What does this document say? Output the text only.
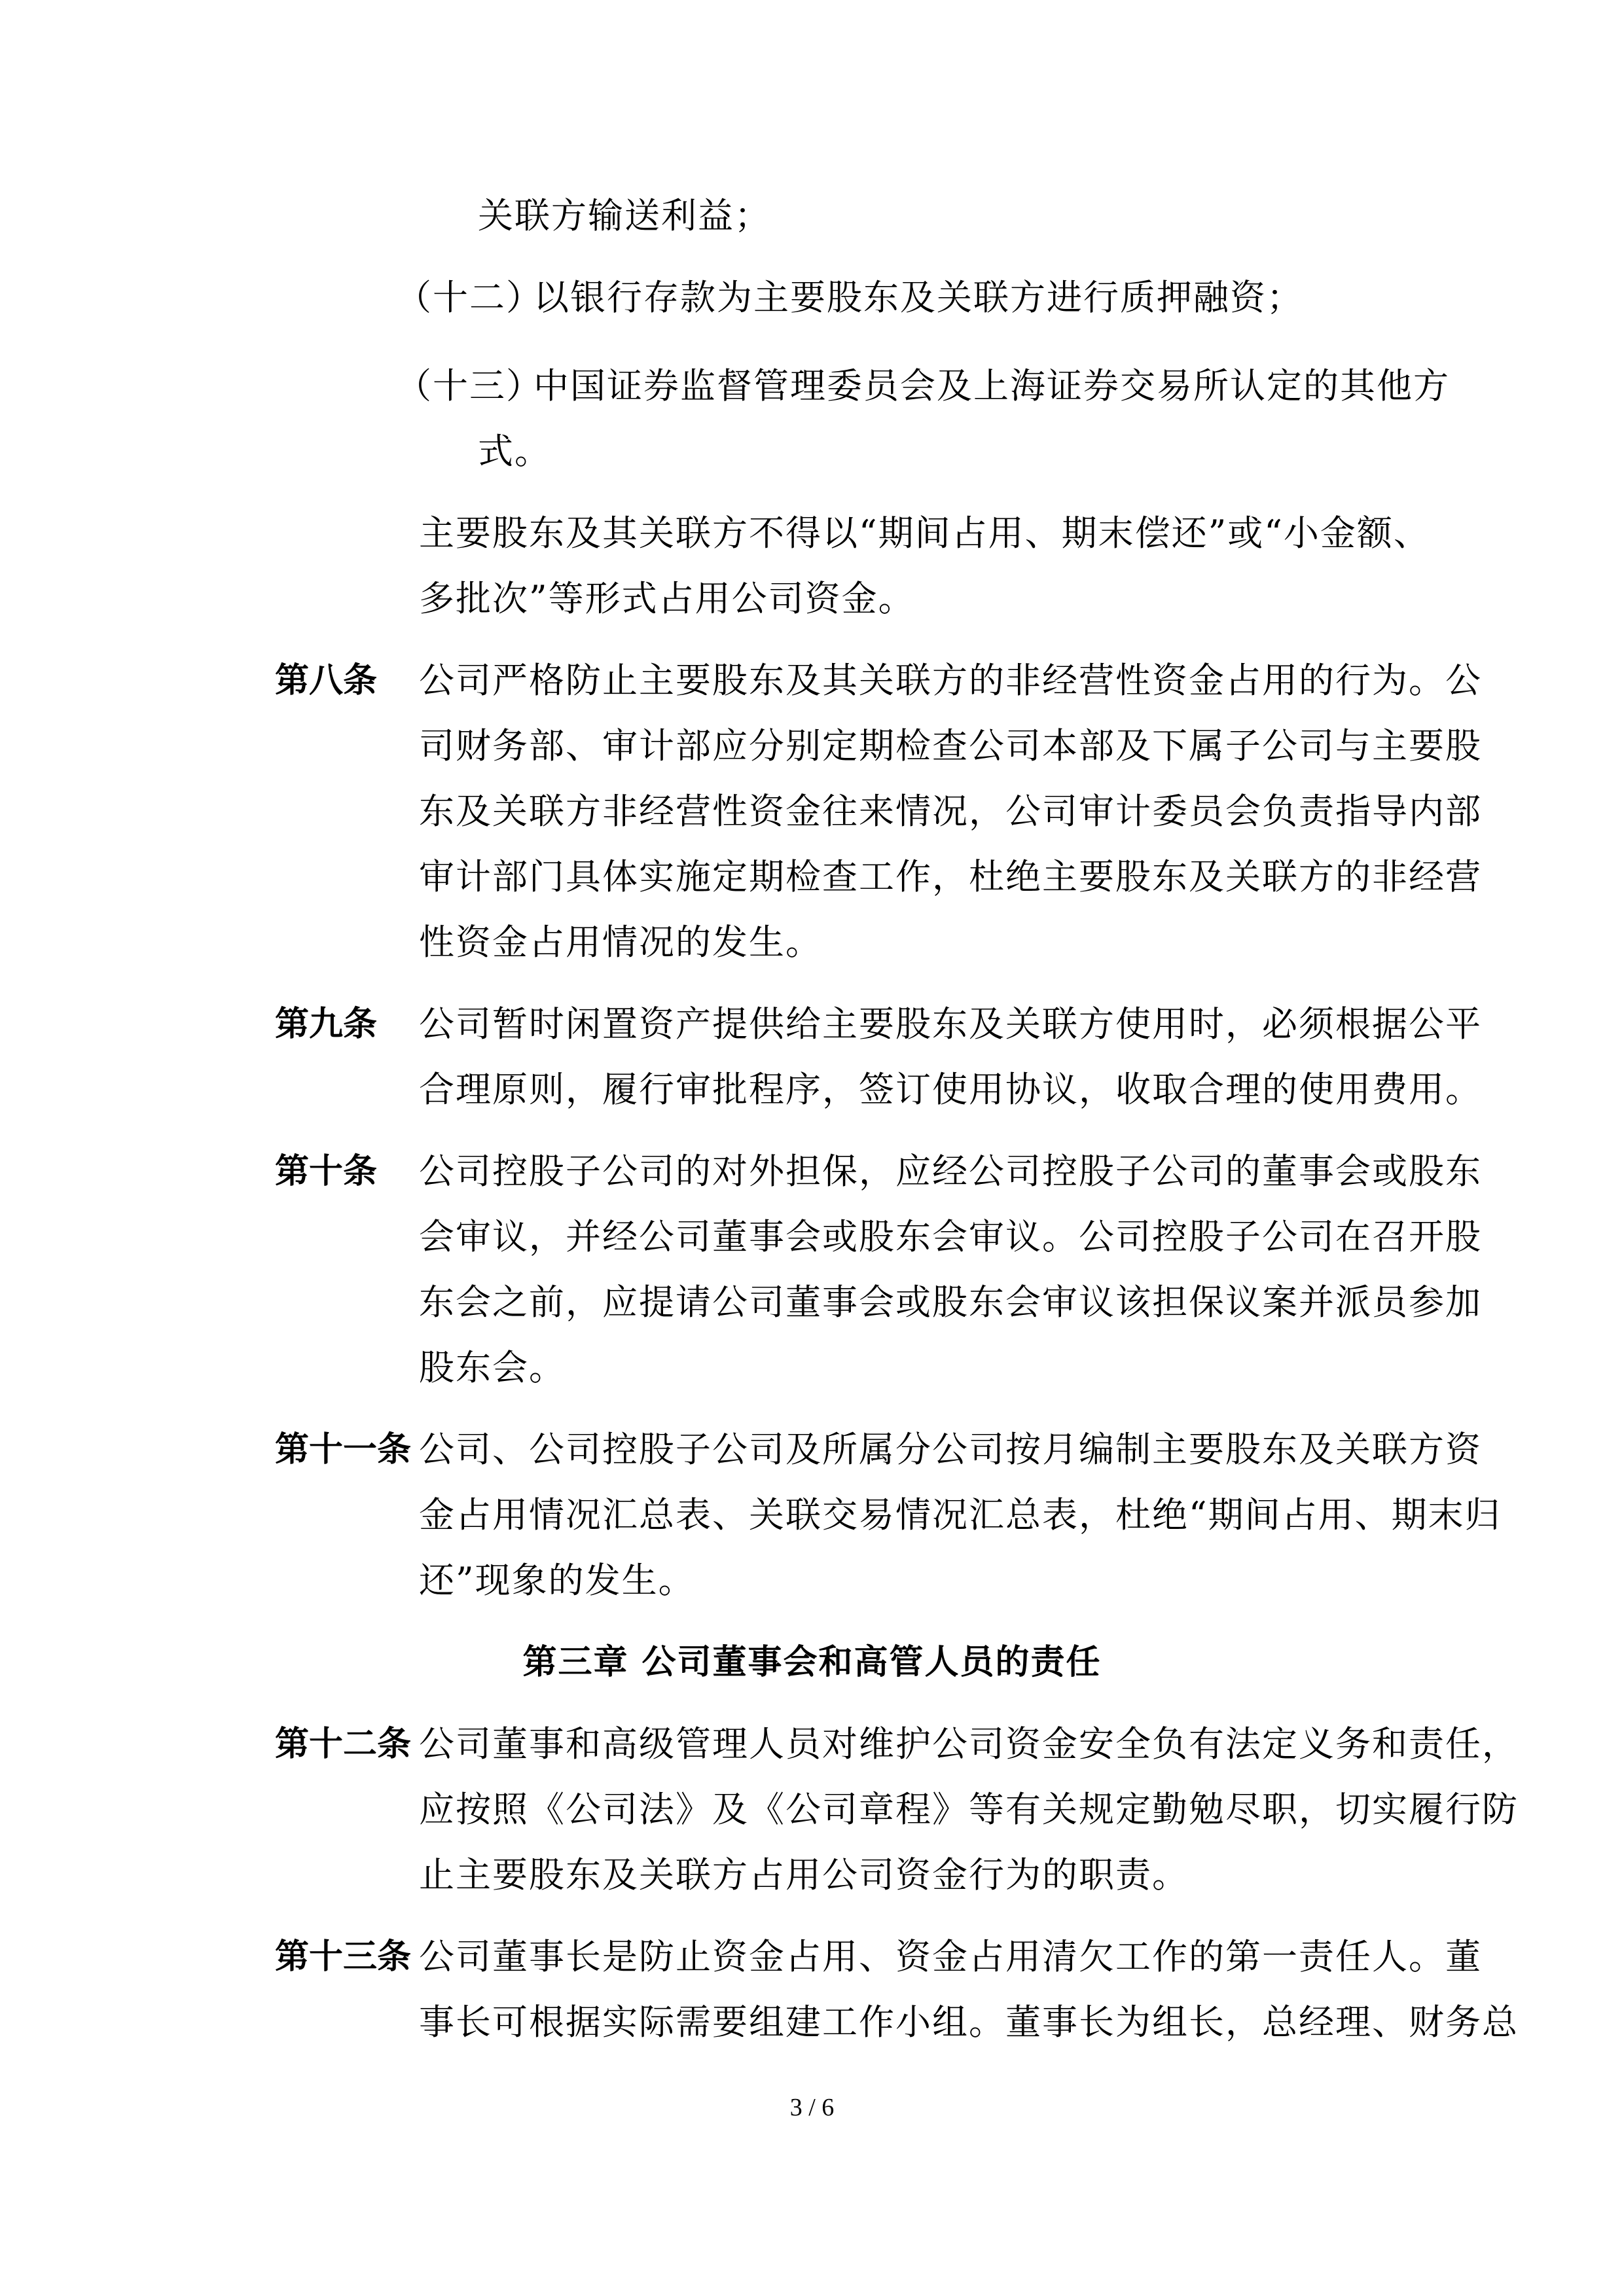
关联方输送利益；
（十二）
以银行存款为主要股东及关联方进行质押融资；
（十三）
中国证券监督管理委员会及上海证券交易所认定的其他方
式。
主要股东及其关联方不得以“期间占用、期末偿还”或“小金额、
多批次”等形式占用公司资金。
第八条 公司严格防止主要股东及其关联方的非经营性资金占用的行为。公
司财务部、审计部应分别定期检查公司本部及下属子公司与主要股
东及关联方非经营性资金往来情况，公司审计委员会负责指导内部
审计部门具体实施定期检查工作，杜绝主要股东及关联方的非经营
性资金占用情况的发生。
第九条 公司暂时闲置资产提供给主要股东及关联方使用时，必须根据公平
合理原则，履行审批程序，签订使用协议，收取合理的使用费用。
第十条 公司控股子公司的对外担保，应经公司控股子公司的董事会或股东
会审议，并经公司董事会或股东会审议。公司控股子公司在召开股
东会之前，应提请公司董事会或股东会审议该担保议案并派员参加
股东会。
第十一条 公司、公司控股子公司及所属分公司按月编制主要股东及关联方资
金占用情况汇总表、关联交易情况汇总表，杜绝“期间占用、期末归
还”现象的发生。
第三章 公司董事会和高管人员的责任
第十二条 公司董事和高级管理人员对维护公司资金安全负有法定义务和责任，
应按照《公司法》及《公司章程》等有关规定勤勉尽职，切实履行防
止主要股东及关联方占用公司资金行为的职责。
第十三条 公司董事长是防止资金占用、资金占用清欠工作的第一责任人。董
事长可根据实际需要组建工作小组。董事长为组长，总经理、财务总
3 / 6
